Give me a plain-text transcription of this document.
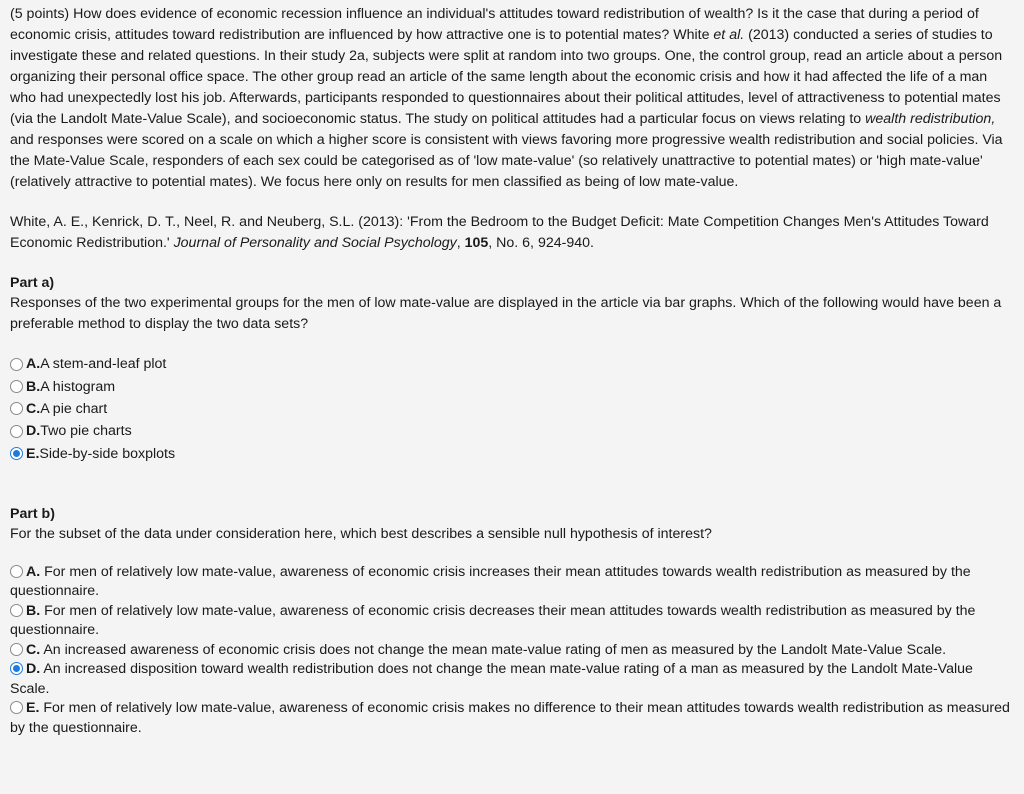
(5 points) How does evidence of economic recession influence an individual's attitudes toward redistribution of wealth? Is it the case that during a period of economic crisis, attitudes toward redistribution are influenced by how attractive one is to potential mates? White et al. (2013) conducted a series of studies to investigate these and related questions. In their study 2a, subjects were split at random into two groups. One, the control group, read an article about a person organizing their personal office space. The other group read an article of the same length about the economic crisis and how it had affected the life of a man who had unexpectedly lost his job. Afterwards, participants responded to questionnaires about their political attitudes, level of attractiveness to potential mates (via the Landolt Mate-Value Scale), and socioeconomic status. The study on political attitudes had a particular focus on views relating to wealth redistribution, and responses were scored on a scale on which a higher score is consistent with views favoring more progressive wealth redistribution and social policies. Via the Mate-Value Scale, responders of each sex could be categorised as of 'low mate-value' (so relatively unattractive to potential mates) or 'high mate-value' (relatively attractive to potential mates). We focus here only on results for men classified as being of low mate-value.

White, A. E., Kenrick, D. T., Neel, R. and Neuberg, S.L. (2013): 'From the Bedroom to the Budget Deficit: Mate Competition Changes Men's Attitudes Toward Economic Redistribution.' Journal of Personality and Social Psychology, 105, No. 6, 924-940.

Part a)

Responses of the two experimental groups for the men of low mate-value are displayed in the article via bar graphs. Which of the following would have been a preferable method to display the two data sets?

A. A stem-and-leaf plot
B. A histogram
C. A pie chart
D. Two pie charts
E. Side-by-side boxplots

Part b)

For the subset of the data under consideration here, which best describes a sensible null hypothesis of interest?

A. For men of relatively low mate-value, awareness of economic crisis increases their mean attitudes towards wealth redistribution as measured by the questionnaire.

B. For men of relatively low mate-value, awareness of economic crisis decreases their mean attitudes towards wealth redistribution as measured by the questionnaire.

C. An increased awareness of economic crisis does not change the mean mate-value rating of men as measured by the Landolt Mate-Value Scale.

D. An increased disposition toward wealth redistribution does not change the mean mate-value rating of a man as measured by the Landolt Mate-Value Scale.

E. For men of relatively low mate-value, awareness of economic crisis makes no difference to their mean attitudes towards wealth redistribution as measured by the questionnaire.
